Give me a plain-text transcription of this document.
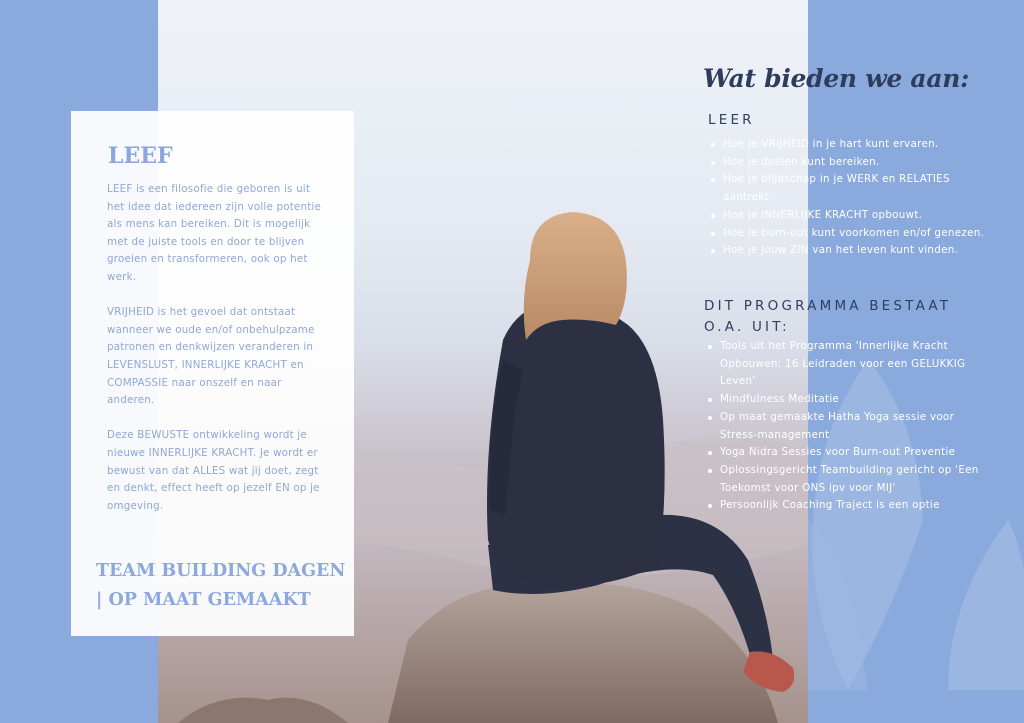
LEEF

LEEF is een filosofie die geboren is uit het idee dat iedereen zijn volle potentie als mens kan bereiken. Dit is mogelijk met de juiste tools en door te blijven groeien en transformeren, ook op het werk.

VRIJHEID is het gevoel dat ontstaat wanneer we oude en/of onbehulpzame patronen en denkwijzen veranderen in LEVENSLUST, INNERLIJKE KRACHT en COMPASSIE naar onszelf en naar anderen.

Deze BEWUSTE ontwikkeling wordt je nieuwe INNERLIJKE KRACHT. Je wordt er bewust van dat ALLES wat jij doet, zegt en denkt, effect heeft op jezelf EN op je omgeving.

TEAM BUILDING DAGEN | OP MAAT GEMAAKT

Wat bieden we aan:
LEER
Hoe je VRIJHEID in je hart kunt ervaren.
Hoe je doelen kunt bereiken.
Hoe je blijdschap in je WERK en RELATIES aantrekt.
Hoe je INNERLIJKE KRACHT opbouwt.
Hoe je burn-out kunt voorkomen en/of genezen.
Hoe je jouw ZIN van het leven kunt vinden.
DIT PROGRAMMA BESTAAT O.A. UIT:
Tools uit het Programma 'Innerlijke Kracht Opbouwen: 16 Leidraden voor een GELUKKIG Leven'
Mindfulness Meditatie
Op maat gemaakte Hatha Yoga sessie voor Stress-management
Yoga Nidra Sessies voor Burn-out Preventie
Oplossingsgericht Teambuilding gericht op 'Een Toekomst voor ONS ipv voor MIJ'
Persoonlijk Coaching Traject is een optie
